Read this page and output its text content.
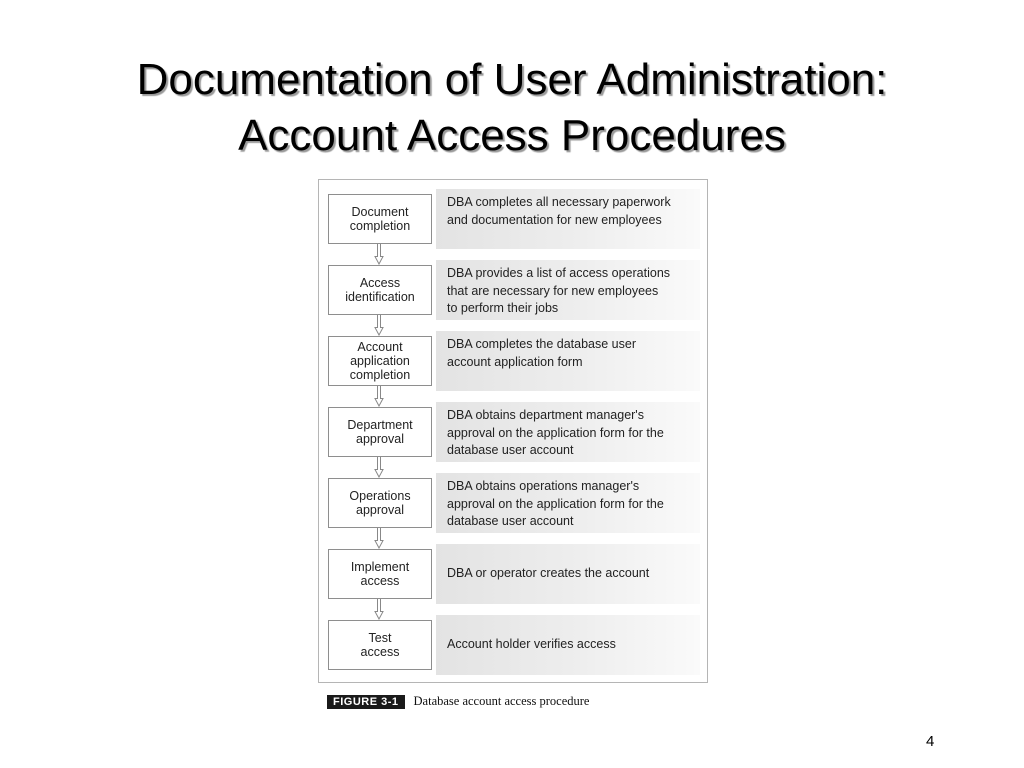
Documentation of User Administration:
Account Access Procedures
Document
completion
DBA completes all necessary paperwork
and documentation for new employees
Access
identification
DBA provides a list of access operations
that are necessary for new employees
to perform their jobs
Account
application
completion
DBA completes the database user
account application form
Department
approval
DBA obtains department manager's
approval on the application form for the
database user account
Operations
approval
DBA obtains operations manager's
approval on the application form for the
database user account
Implement
access
DBA or operator creates the account
Test
access
Account holder verifies access
FIGURE 3-1	Database account access procedure
4
